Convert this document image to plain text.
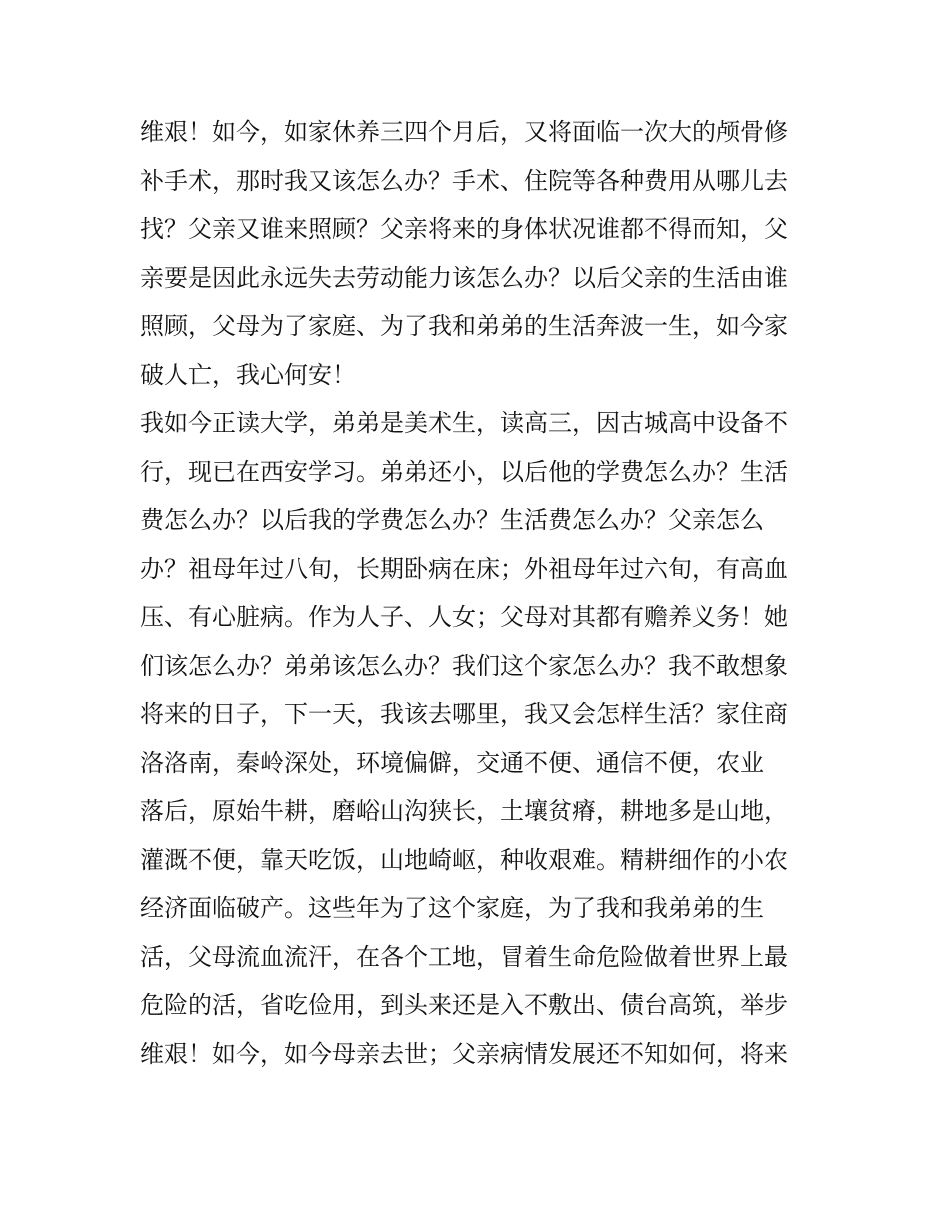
维艰！如今，如家休养三四个月后，又将面临一次大的颅骨修
补手术，那时我又该怎么办？手术、住院等各种费用从哪儿去
找？父亲又谁来照顾？父亲将来的身体状况谁都不得而知，父
亲要是因此永远失去劳动能力该怎么办？以后父亲的生活由谁
照顾，父母为了家庭、为了我和弟弟的生活奔波一生，如今家
破人亡，我心何安！
我如今正读大学，弟弟是美术生，读高三，因古城高中设备不
行，现已在西安学习。弟弟还小，以后他的学费怎么办？生活
费怎么办？以后我的学费怎么办？生活费怎么办？父亲怎么
办？祖母年过八旬，长期卧病在床；外祖母年过六旬，有高血
压、有心脏病。作为人子、人女；父母对其都有赡养义务！她
们该怎么办？弟弟该怎么办？我们这个家怎么办？我不敢想象
将来的日子，下一天，我该去哪里，我又会怎样生活？家住商
洛洛南，秦岭深处，环境偏僻，交通不便、通信不便，农业
落后，原始牛耕，磨峪山沟狭长，土壤贫瘠，耕地多是山地，
灌溉不便，靠天吃饭，山地崎岖，种收艰难。精耕细作的小农
经济面临破产。这些年为了这个家庭，为了我和我弟弟的生
活，父母流血流汗，在各个工地，冒着生命危险做着世界上最
危险的活，省吃俭用，到头来还是入不敷出、债台高筑，举步
维艰！如今，如今母亲去世；父亲病情发展还不知如何，将来
